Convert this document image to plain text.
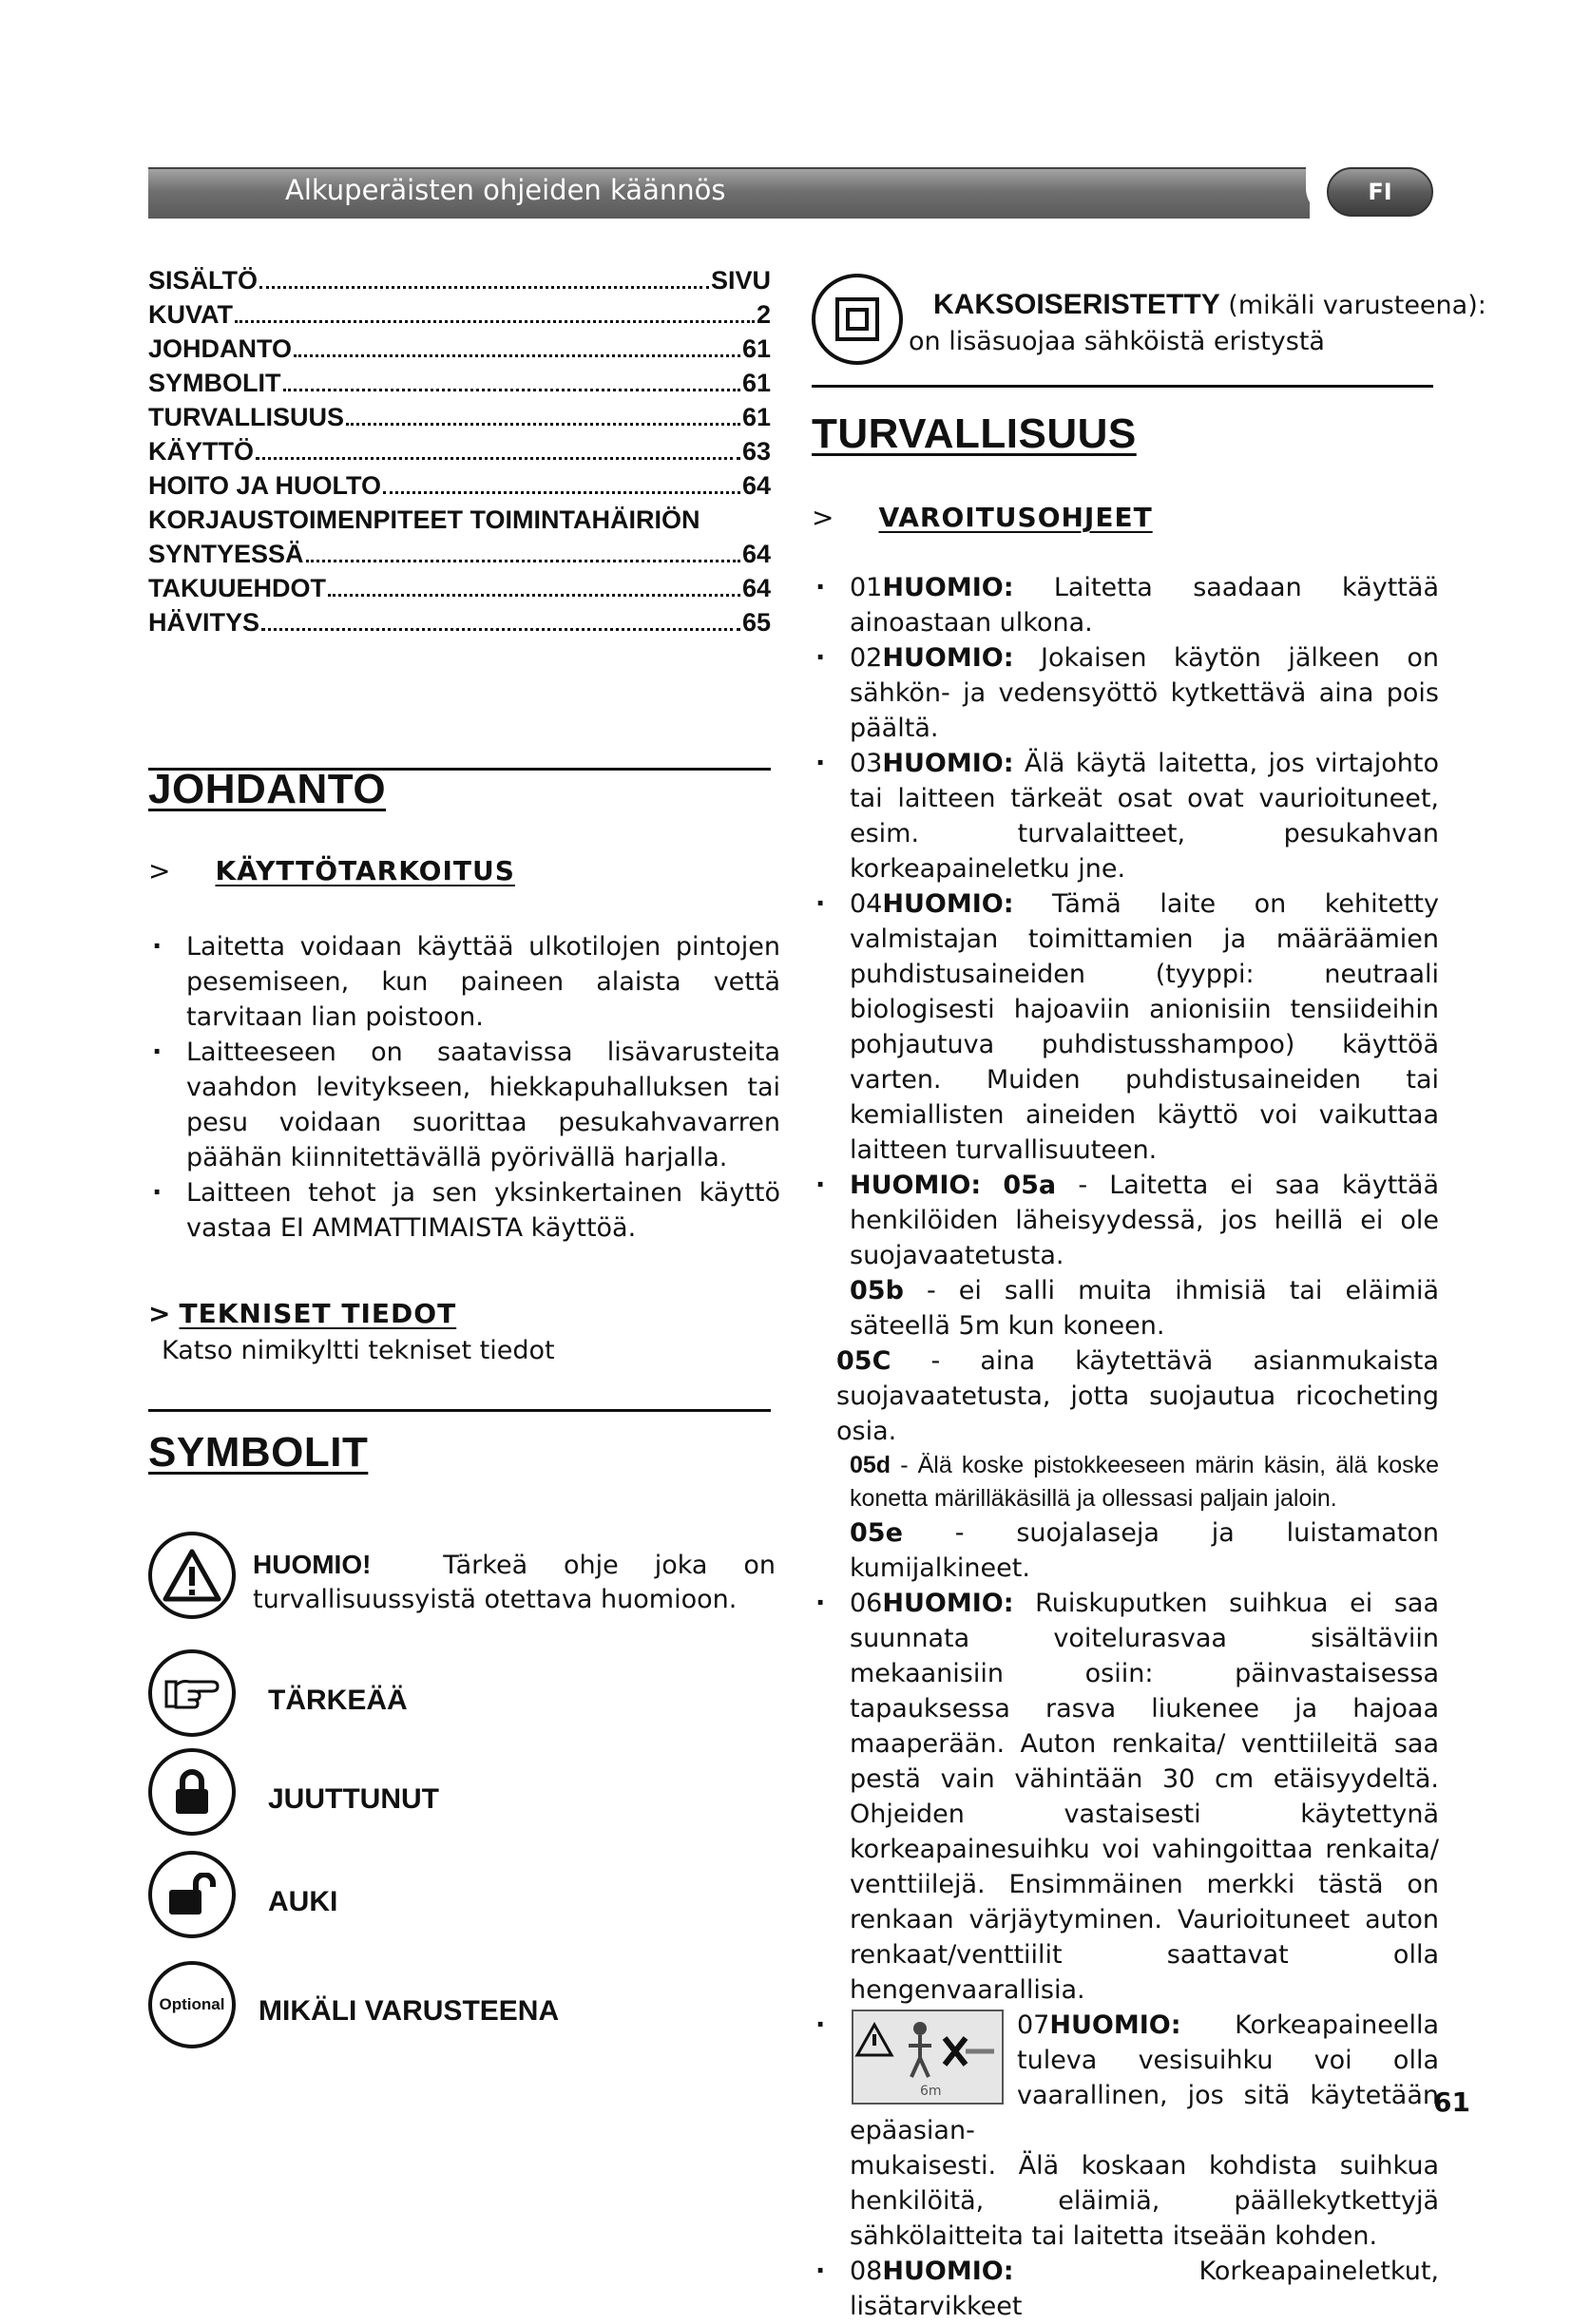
Alkuperäisten ohjeiden käännös	FI
SISÄLTÖ	SIVU
KUVAT	2
JOHDANTO	61
SYMBOLIT	61
TURVALLISUUS	61
KÄYTTÖ	63
HOITO JA HUOLTO	64
KORJAUSTOIMENPITEET TOIMINTAHÄIRIÖN
SYNTYESSÄ	64
TAKUUEHDOT	64
HÄVITYS	65
JOHDANTO
> KÄYTTÖTARKOITUS
· Laitetta voidaan käyttää ulkotilojen pintojen pesemiseen, kun paineen alaista vettä tarvitaan lian poistoon.
· Laitteeseen on saatavissa lisävarusteita vaahdon levitykseen, hiekkapuhalluksen tai pesu voidaan suorittaa pesukahvavarren päähän kiinnitettävällä pyörivällä harjalla.
· Laitteen tehot ja sen yksinkertainen käyttö vastaa EI AMMATTIMAISTA käyttöä.
> TEKNISET TIEDOT
Katso nimikyltti tekniset tiedot
SYMBOLIT
HUOMIO!	Tärkeä ohje joka on turvallisuussyistä otettava huomioon.
TÄRKEÄÄ
JUUTTUNUT
AUKI
Optional MIKÄLI VARUSTEENA
KAKSOISERISTETTY (mikäli varusteena):
on lisäsuojaa sähköistä eristystä
TURVALLISUUS
> VAROITUSOHJEET
· 01HUOMIO: Laitetta saadaan käyttää ainoastaan ulkona.
· 02HUOMIO: Jokaisen käytön jälkeen on sähkön- ja vedensyöttö kytkettävä aina pois päältä.
· 03HUOMIO: Älä käytä laitetta, jos virtajohto tai laitteen tärkeät osat ovat vaurioituneet, esim. turvalaitteet, pesukahvan korkeapaineletku jne.
· 04HUOMIO: Tämä laite on kehitetty valmistajan toimittamien ja määräämien puhdistusaineiden (tyyppi: neutraali biologisesti hajoaviin anionisiin tensiideihin pohjautuva puhdistusshampoo) käyttöä varten. Muiden puhdistusaineiden tai kemiallisten aineiden käyttö voi vaikuttaa laitteen turvallisuuteen.
· HUOMIO: 05a - Laitetta ei saa käyttää henkilöiden läheisyydessä, jos heillä ei ole suojavaatetusta.
05b - ei salli muita ihmisiä tai eläimiä säteellä 5m kun koneen.
05C - aina käytettävä asianmukaista suojavaatetusta, jotta suojautua ricocheting osia.
05d - Älä koske pistokkeeseen märin käsin, älä koske konetta märilläkäsillä ja ollessasi paljain jaloin.
05e - suojalaseja ja luistamaton kumijalkineet.
· 06HUOMIO: Ruiskuputken suihkua ei saa suunnata voitelurasvaa sisältäviin mekaanisiin osiin: päinvastaisessa tapauksessa rasva liukenee ja hajoaa maaperään. Auton renkaita/ venttiileitä saa pestä vain vähintään 30 cm etäisyydeltä. Ohjeiden vastaisesti käytettynä korkeapainesuihku voi vahingoittaa renkaita/ venttiilejä. Ensimmäinen merkki tästä on renkaan värjäytyminen. Vaurioituneet auton renkaat/venttiilit saattavat olla hengenvaarallisia.
· 6m
07HUOMIO: Korkeapaineella tuleva vesisuihku voi olla vaarallinen, jos sitä käytetään epäasian-
mukaisesti. Älä koskaan kohdista suihkua henkilöitä, eläimiä, päällekytkettyjä sähkölaitteita tai laitetta itseään kohden.
· 08HUOMIO:	Korkeapaineletkut, lisätarvikkeet
61
